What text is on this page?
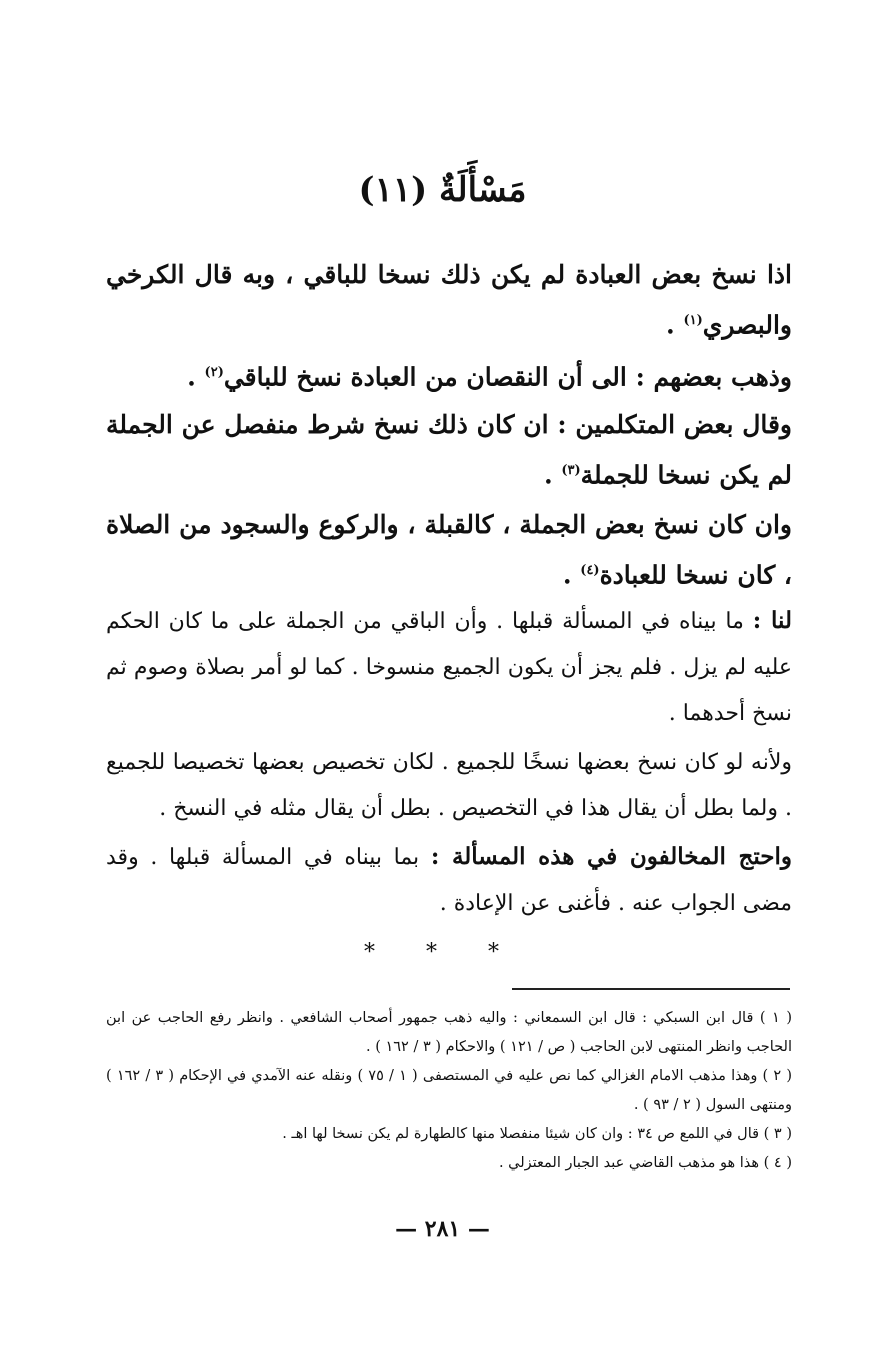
مَسْأَلَةٌ (١١)

اذا نسخ بعض العبادة لم يكن ذلك نسخا للباقي ، وبه قال الكرخي والبصري$^{(١)}$ .

وذهب بعضهم : الى أن النقصان من العبادة نسخ للباقي$^{(٢)}$ .

وقال بعض المتكلمين : ان كان ذلك نسخ شرط منفصل عن الجملة لم يكن نسخا للجملة$^{(٣)}$ .

وان كان نسخ بعض الجملة ، كالقبلة ، والركوع والسجود من الصلاة ، كان نسخا للعبادة$^{(٤)}$ .

لنا : ما بيناه في المسألة قبلها . وأن الباقي من الجملة على ما كان الحكم عليه لم يزل . فلم يجز أن يكون الجميع منسوخا . كما لو أمر بصلاة وصوم ثم نسخ أحدهما .

ولأنه لو كان نسخ بعضها نسخًا للجميع . لكان تخصيص بعضها تخصيصا للجميع . ولما بطل أن يقال هذا في التخصيص . بطل أن يقال مثله في النسخ .

واحتج المخالفون في هذه المسألة : بما بيناه في المسألة قبلها . وقد مضى الجواب عنه . فأغنى عن الإعادة .

* * *

( ١ ) قال ابن السبكي : قال ابن السمعاني : واليه ذهب جمهور أصحاب الشافعي . وانظر رفع الحاجب عن ابن الحاجب وانظر المنتهى لابن الحاجب ( ص / ١٢١ ) والاحكام ( ٣ / ١٦٢ ) .

( ٢ ) وهذا مذهب الامام الغزالي كما نص عليه في المستصفى ( ١ / ٧٥ ) ونقله عنه الآمدي في الإحكام ( ٣ / ١٦٢ ) ومنتهى السول ( ٢ / ٩٣ ) .

( ٣ ) قال في اللمع ص ٣٤ : وان كان شيئا منفصلا منها كالطهارة لم يكن نسخا لها اهـ .

( ٤ ) هذا هو مذهب القاضي عبد الجبار المعتزلي .

— ٢٨١ —
